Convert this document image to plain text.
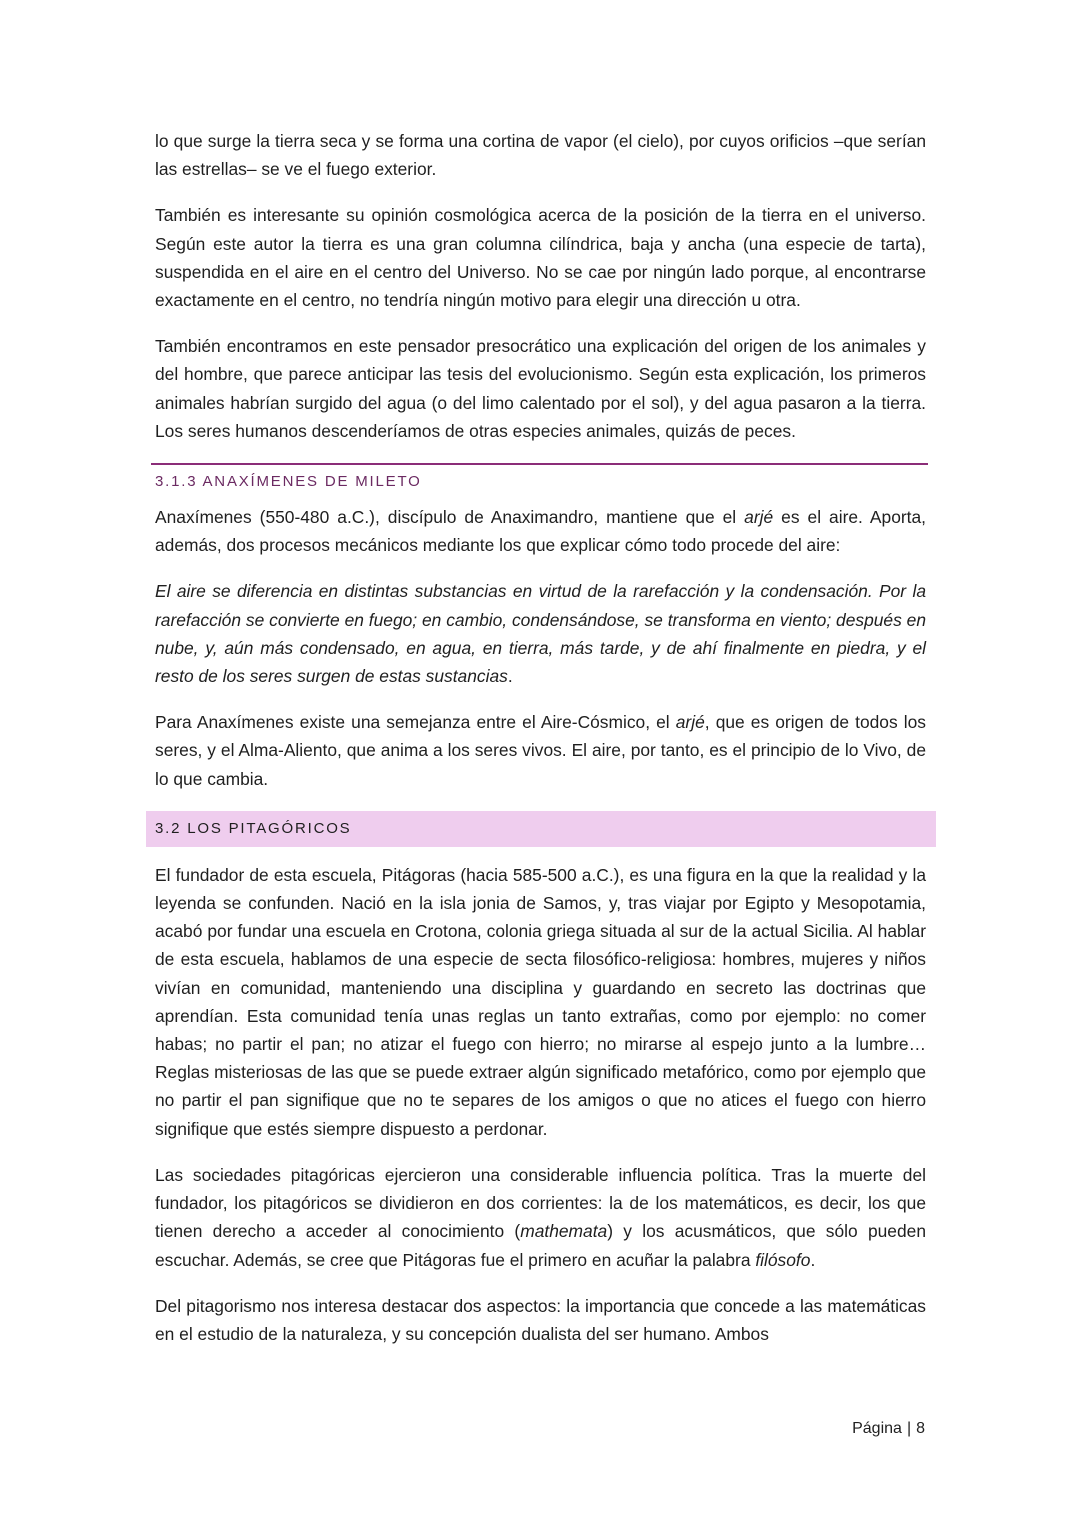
lo que surge la tierra seca y se forma una cortina de vapor (el cielo), por cuyos orificios –que serían las estrellas– se ve el fuego exterior.

También es interesante su opinión cosmológica acerca de la posición de la tierra en el universo. Según este autor la tierra es una gran columna cilíndrica, baja y ancha (una especie de tarta), suspendida en el aire en el centro del Universo. No se cae por ningún lado porque, al encontrarse exactamente en el centro, no tendría ningún motivo para elegir una dirección u otra.

También encontramos en este pensador presocrático una explicación del origen de los animales y del hombre, que parece anticipar las tesis del evolucionismo. Según esta explicación, los primeros animales habrían surgido del agua (o del limo calentado por el sol), y del agua pasaron a la tierra. Los seres humanos descenderíamos de otras especies animales, quizás de peces.

3.1.3 ANAXÍMENES DE MILETO

Anaxímenes (550-480 a.C.), discípulo de Anaximandro, mantiene que el arjé es el aire. Aporta, además, dos procesos mecánicos mediante los que explicar cómo todo procede del aire:

El aire se diferencia en distintas substancias en virtud de la rarefacción y la condensación. Por la rarefacción se convierte en fuego; en cambio, condensándose, se transforma en viento; después en nube, y, aún más condensado, en agua, en tierra, más tarde, y de ahí finalmente en piedra, y el resto de los seres surgen de estas sustancias.

Para Anaxímenes existe una semejanza entre el Aire-Cósmico, el arjé, que es origen de todos los seres, y el Alma-Aliento, que anima a los seres vivos. El aire, por tanto, es el principio de lo Vivo, de lo que cambia.

3.2 LOS PITAGÓRICOS

El fundador de esta escuela, Pitágoras (hacia 585-500 a.C.), es una figura en la que la realidad y la leyenda se confunden. Nació en la isla jonia de Samos, y, tras viajar por Egipto y Mesopotamia, acabó por fundar una escuela en Crotona, colonia griega situada al sur de la actual Sicilia. Al hablar de esta escuela, hablamos de una especie de secta filosófico-religiosa: hombres, mujeres y niños vivían en comunidad, manteniendo una disciplina y guardando en secreto las doctrinas que aprendían. Esta comunidad tenía unas reglas un tanto extrañas, como por ejemplo: no comer habas; no partir el pan; no atizar el fuego con hierro; no mirarse al espejo junto a la lumbre… Reglas misteriosas de las que se puede extraer algún significado metafórico, como por ejemplo que no partir el pan signifique que no te separes de los amigos o que no atices el fuego con hierro signifique que estés siempre dispuesto a perdonar.

Las sociedades pitagóricas ejercieron una considerable influencia política. Tras la muerte del fundador, los pitagóricos se dividieron en dos corrientes: la de los matemáticos, es decir, los que tienen derecho a acceder al conocimiento (mathemata) y los acusmáticos, que sólo pueden escuchar. Además, se cree que Pitágoras fue el primero en acuñar la palabra filósofo.

Del pitagorismo nos interesa destacar dos aspectos: la importancia que concede a las matemáticas en el estudio de la naturaleza, y su concepción dualista del ser humano. Ambos

Página | 8
